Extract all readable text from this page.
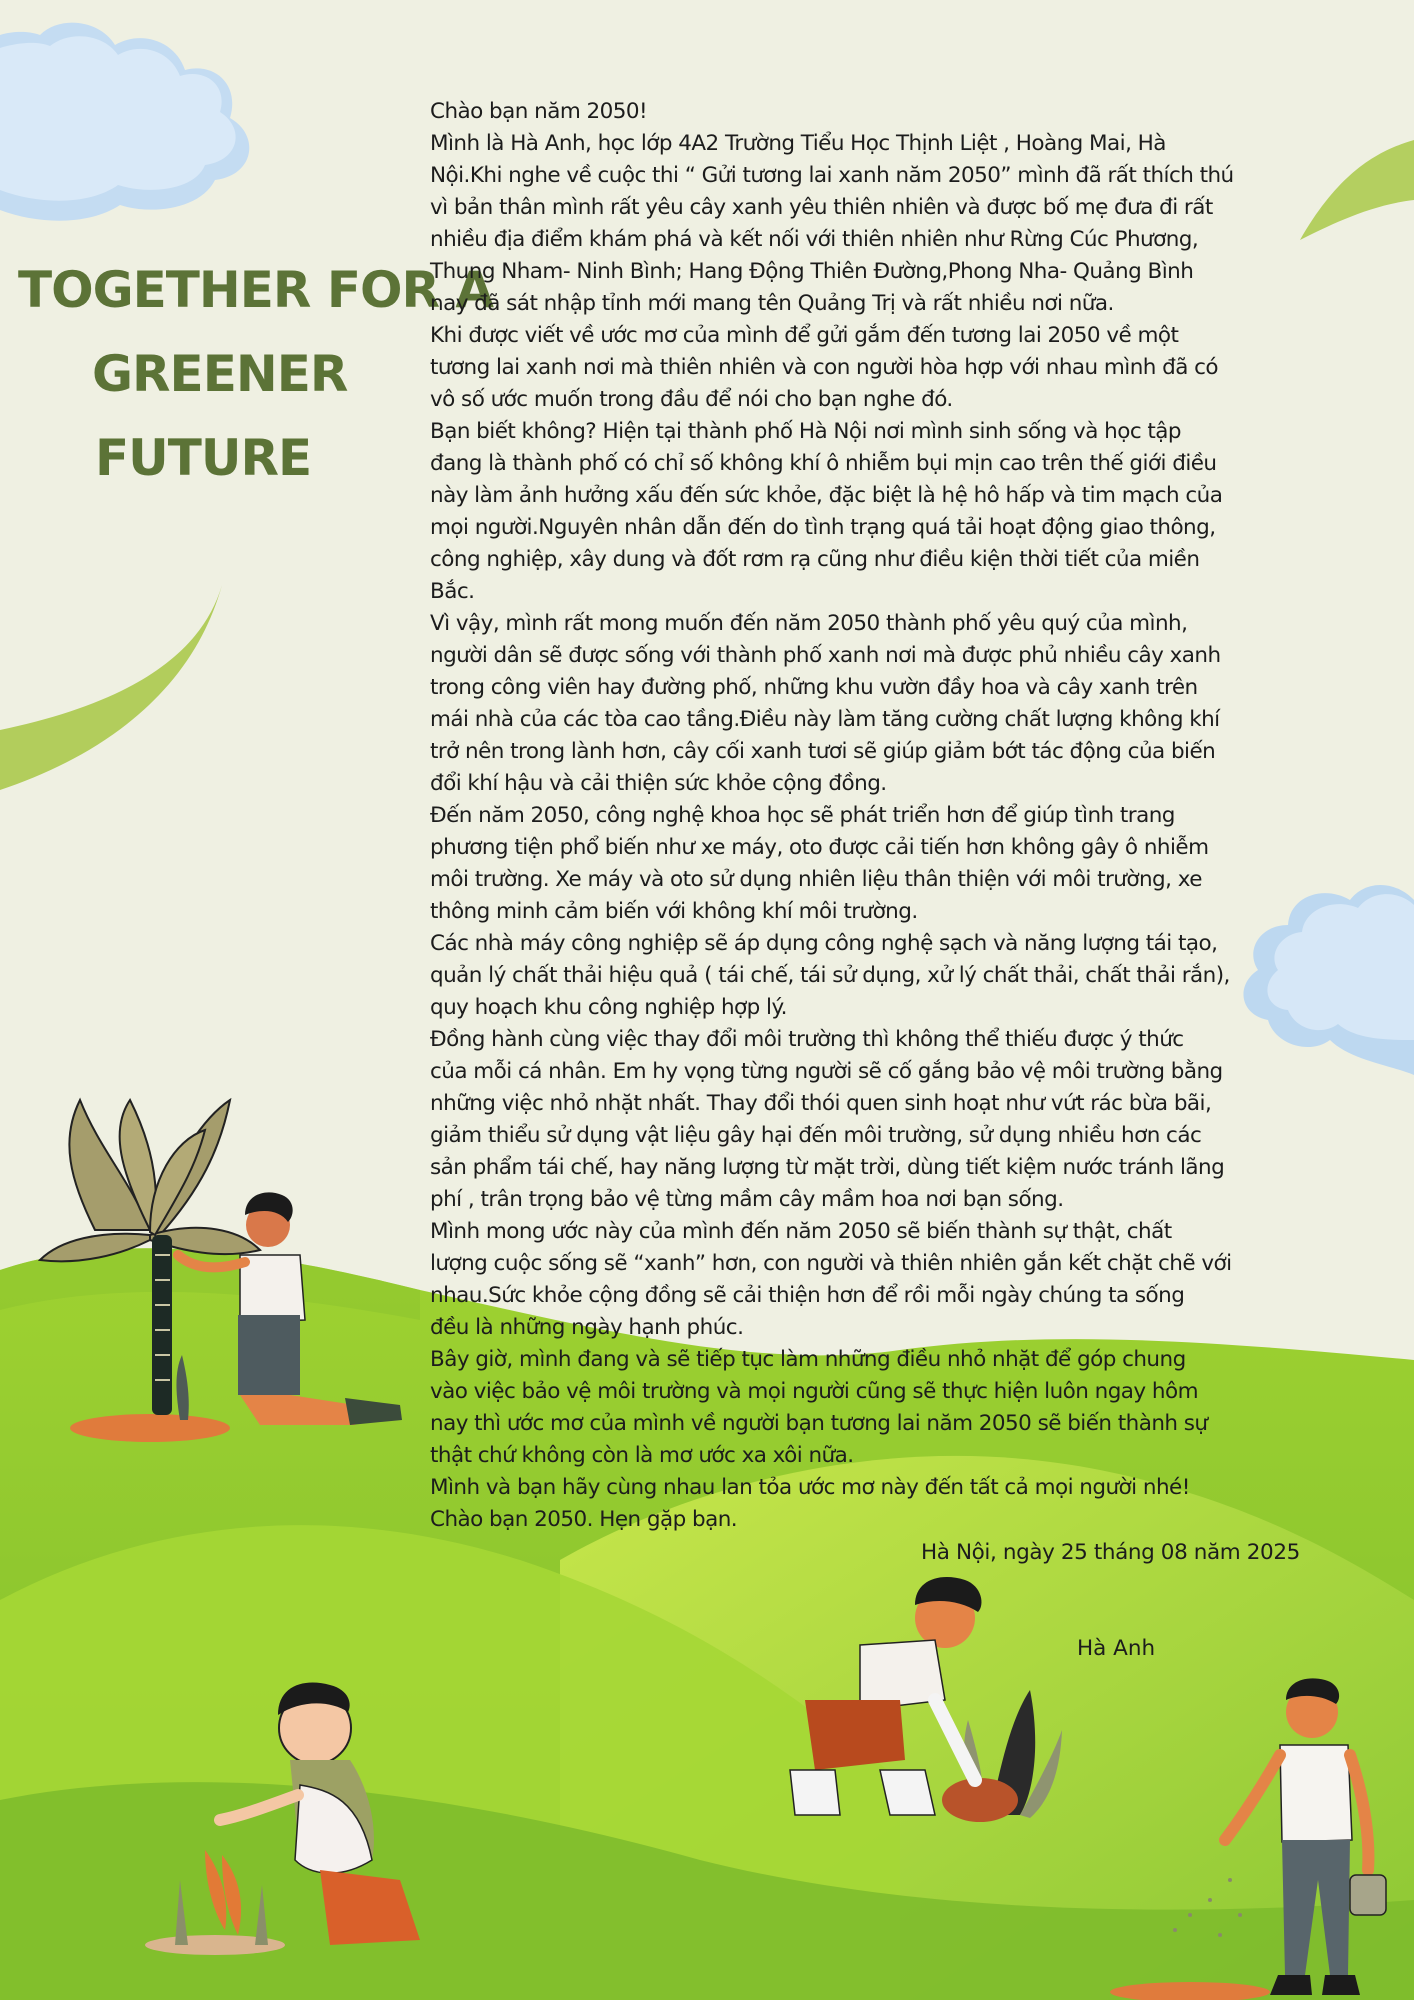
TOGETHER FOR A
GREENER
FUTURE

Chào bạn năm 2050!

Mình là Hà Anh, học lớp 4A2 Trường Tiểu Học Thịnh Liệt , Hoàng Mai, Hà

Nội.Khi nghe về cuộc thi “ Gửi tương lai xanh năm 2050” mình đã rất thích thú

vì bản thân mình rất yêu cây xanh yêu thiên nhiên và được bố mẹ đưa đi rất

nhiều địa điểm khám phá và kết nối với thiên nhiên như Rừng Cúc Phương,

Thung Nham- Ninh Bình; Hang Động Thiên Đường,Phong Nha- Quảng Bình

nay đã sát nhập tỉnh mới mang tên Quảng Trị và rất nhiều nơi nữa.

Khi được viết về ước mơ của mình để gửi gắm đến tương lai 2050 về một

tương lai xanh nơi mà thiên nhiên và con người hòa hợp với nhau mình đã có

vô số ước muốn trong đầu để nói cho bạn nghe đó.

Bạn biết không? Hiện tại thành phố Hà Nội nơi mình sinh sống và học tập

đang là thành phố có chỉ số không khí ô nhiễm bụi mịn cao trên thế giới điều

này làm ảnh hưởng xấu đến sức khỏe, đặc biệt là hệ hô hấp và tim mạch của

mọi người.Nguyên nhân dẫn đến do tình trạng quá tải hoạt động giao thông,

công nghiệp, xây dung và đốt rơm rạ cũng như điều kiện thời tiết của miền

Bắc.

Vì vậy, mình rất mong muốn đến năm 2050 thành phố yêu quý của mình,

người dân sẽ được sống với thành phố xanh nơi mà được phủ nhiều cây xanh

trong công viên hay đường phố, những khu vườn đầy hoa và cây xanh trên

mái nhà của các tòa cao tầng.Điều này làm tăng cường chất lượng không khí

trở nên trong lành hơn, cây cối xanh tươi sẽ giúp giảm bớt tác động của biến

đổi khí hậu và cải thiện sức khỏe cộng đồng.

Đến năm 2050, công nghệ khoa học sẽ phát triển hơn để giúp tình trang

phương tiện phổ biến như xe máy, oto được cải tiến hơn không gây ô nhiễm

môi trường. Xe máy và oto sử dụng nhiên liệu thân thiện với môi trường, xe

thông minh cảm biến với không khí môi trường.

Các nhà máy công nghiệp sẽ áp dụng công nghệ sạch và năng lượng tái tạo,

quản lý chất thải hiệu quả ( tái chế, tái sử dụng, xử lý chất thải, chất thải rắn),

quy hoạch khu công nghiệp hợp lý.

Đồng hành cùng việc thay đổi môi trường thì không thể thiếu được ý thức

của mỗi cá nhân. Em hy vọng từng người sẽ cố gắng bảo vệ môi trường bằng

những việc nhỏ nhặt nhất. Thay đổi thói quen sinh hoạt như vứt rác bừa bãi,

giảm thiểu sử dụng vật liệu gây hại đến môi trường, sử dụng nhiều hơn các

sản phẩm tái chế, hay năng lượng từ mặt trời, dùng tiết kiệm nước tránh lãng

phí , trân trọng bảo vệ từng mầm cây mầm hoa nơi bạn sống.

Mình mong ước này của mình đến năm 2050 sẽ biến thành sự thật, chất

lượng cuộc sống sẽ “xanh” hơn, con người và thiên nhiên gắn kết chặt chẽ với

nhau.Sức khỏe cộng đồng sẽ cải thiện hơn để rồi mỗi ngày chúng ta sống

đều là những ngày hạnh phúc.

Bây giờ, mình đang và sẽ tiếp tục làm những điều nhỏ nhặt để góp chung

vào việc bảo vệ môi trường và mọi người cũng sẽ thực hiện luôn ngay hôm

nay thì ước mơ của mình về người bạn tương lai năm 2050 sẽ biến thành sự

thật chứ không còn là mơ ước xa xôi nữa.

Mình và bạn hãy cùng nhau lan tỏa ước mơ này đến tất cả mọi người nhé!

Chào bạn 2050. Hẹn gặp bạn.

Hà Nội, ngày 25 tháng 08 năm 2025
Hà Anh
